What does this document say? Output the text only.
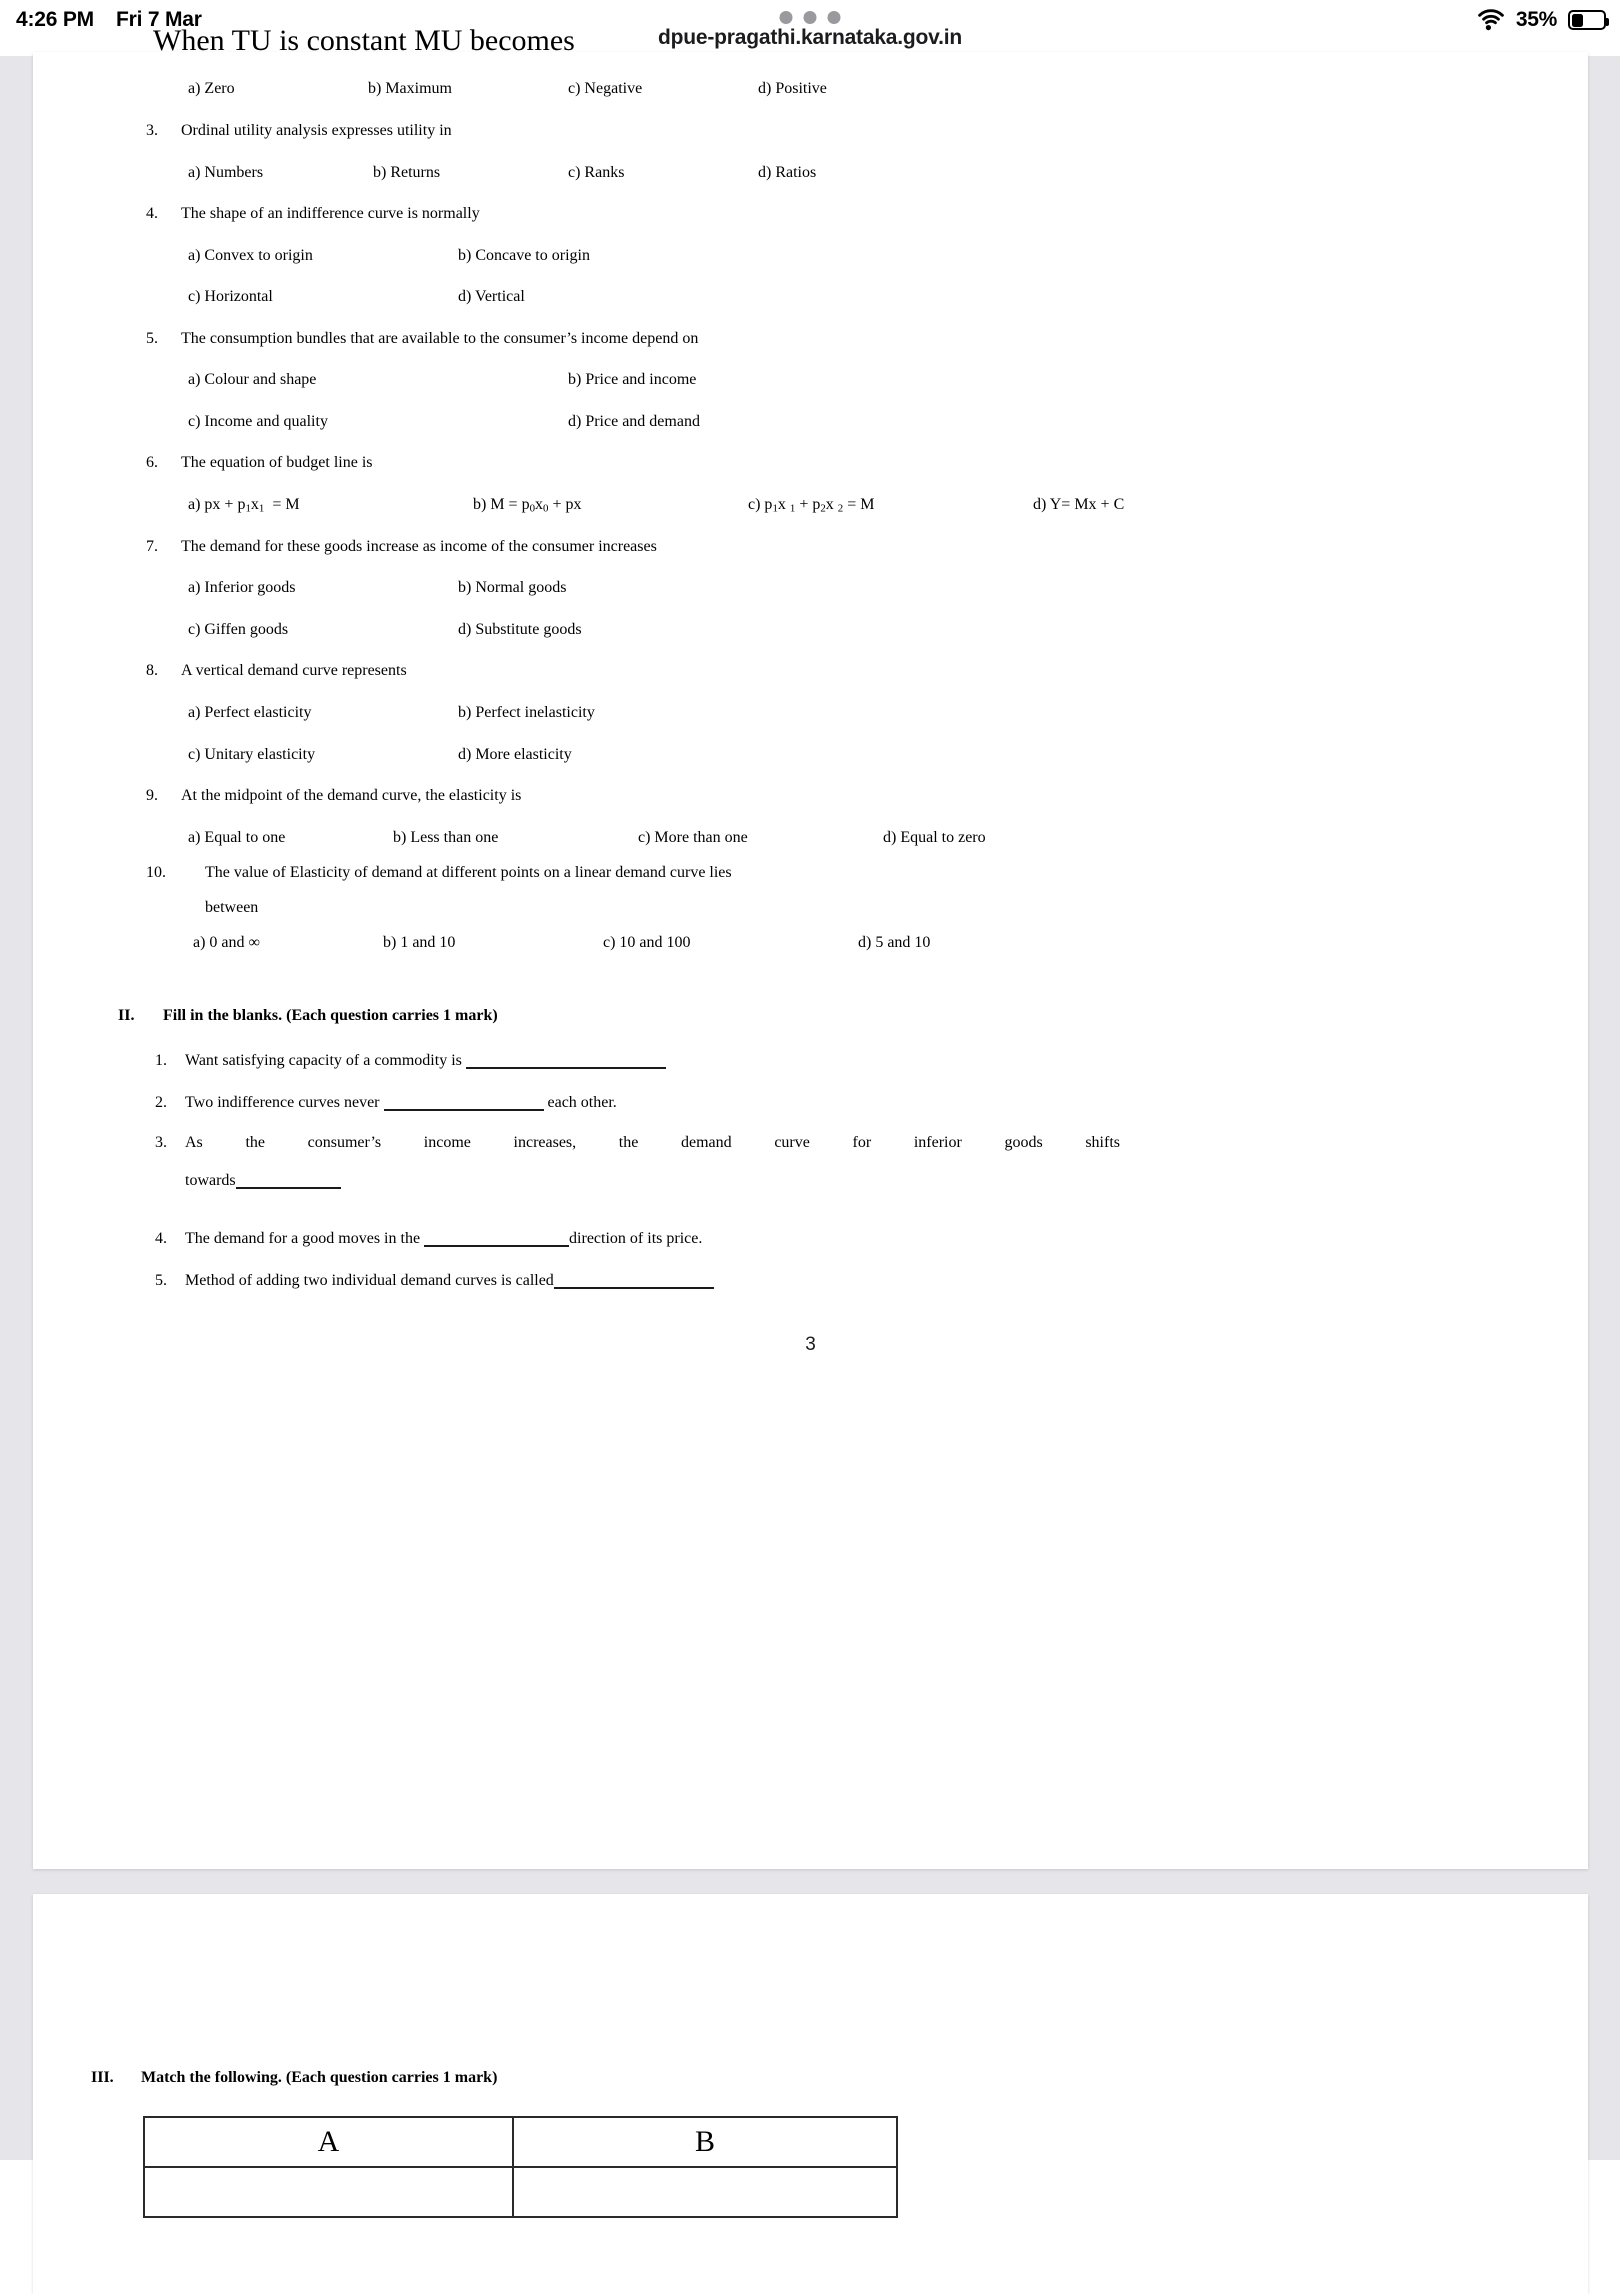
4:26 PM Fri 7 Mar	35%
dpue-pragathi.karnataka.gov.in
When TU is constant MU becomes
a) Zero	b) Maximum	c) Negative	d) Positive
3. Ordinal utility analysis expresses utility in
a) Numbers	b) Returns	c) Ranks	d) Ratios
4. The shape of an indifference curve is normally
a) Convex to origin	b) Concave to origin
c) Horizontal	d) Vertical
5. The consumption bundles that are available to the consumer’s income depend on
a) Colour and shape	b) Price and income
c) Income and quality	d) Price and demand
6. The equation of budget line is
a) px + $p_1x_1 = M$	b) $M = p_0x_0$ + px	c) $p_1x$ $_1 + p_2x$ $_2$ = M	d) Y= Mx + C
7. The demand for these goods increase as income of the consumer increases
a) Inferior goods	b) Normal goods
c) Giffen goods	d) Substitute goods
8. A vertical demand curve represents
a) Perfect elasticity	b) Perfect inelasticity
c) Unitary elasticity	d) More elasticity
9. At the midpoint of the demand curve, the elasticity is
a) Equal to one	b) Less than one	c) More than one	d) Equal to zero
10. The value of Elasticity of demand at different points on a linear demand curve lies
between
a) 0 and ∞	b) 1 and 10	c) 10 and 100	d) 5 and 10
II. Fill in the blanks. (Each question carries 1 mark)
1. Want satisfying capacity of a commodity is
2. Two indifference curves never	each other.
3. As the consumer’s income increases, the demand curve for inferior goods shifts
towards
4. The demand for a good moves in the	direction of its price.
5. Method of adding two individual demand curves is called
3
III. Match the following. (Each question carries 1 mark)
A	B
